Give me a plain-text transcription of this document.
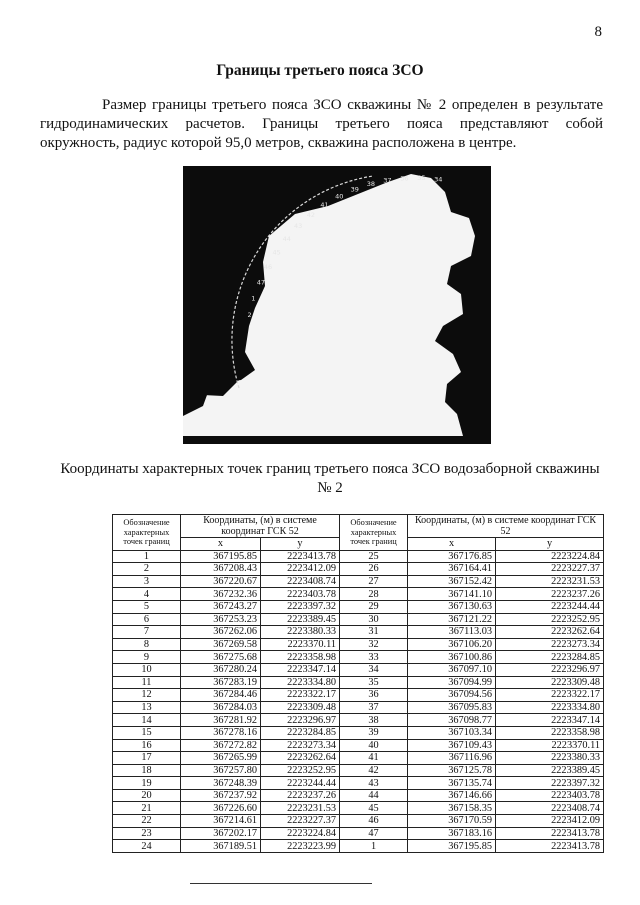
8
Границы третьего пояса ЗСО
Размер границы третьего пояса ЗСО скважины № 2 определен в результате гидродинамических расчетов. Границы третьего пояса представляют собой окружность, радиус которой 95,0 метров, скважина расположена в центре.
34
35
36
37
38
39
40
41
42
43
44
45
46
47
1
2
Координаты характерных точек границ третьего пояса ЗСО водозаборной скважины № 2
Обозначение характерных точек границ	Координаты, (м) в системе координат ГСК 52		Обозначение характерных точек границ	Координаты, (м) в системе координат ГСК 52	
	x	y		x	y
1	367195.85	2223413.78	25	367176.85	2223224.84
2	367208.43	2223412.09	26	367164.41	2223227.37
3	367220.67	2223408.74	27	367152.42	2223231.53
4	367232.36	2223403.78	28	367141.10	2223237.26
5	367243.27	2223397.32	29	367130.63	2223244.44
6	367253.23	2223389.45	30	367121.22	2223252.95
7	367262.06	2223380.33	31	367113.03	2223262.64
8	367269.58	2223370.11	32	367106.20	2223273.34
9	367275.68	2223358.98	33	367100.86	2223284.85
10	367280.24	2223347.14	34	367097.10	2223296.97
11	367283.19	2223334.80	35	367094.99	2223309.48
12	367284.46	2223322.17	36	367094.56	2223322.17
13	367284.03	2223309.48	37	367095.83	2223334.80
14	367281.92	2223296.97	38	367098.77	2223347.14
15	367278.16	2223284.85	39	367103.34	2223358.98
16	367272.82	2223273.34	40	367109.43	2223370.11
17	367265.99	2223262.64	41	367116.96	2223380.33
18	367257.80	2223252.95	42	367125.78	2223389.45
19	367248.39	2223244.44	43	367135.74	2223397.32
20	367237.92	2223237.26	44	367146.66	2223403.78
21	367226.60	2223231.53	45	367158.35	2223408.74
22	367214.61	2223227.37	46	367170.59	2223412.09
23	367202.17	2223224.84	47	367183.16	2223413.78
24	367189.51	2223223.99	1	367195.85	2223413.78
